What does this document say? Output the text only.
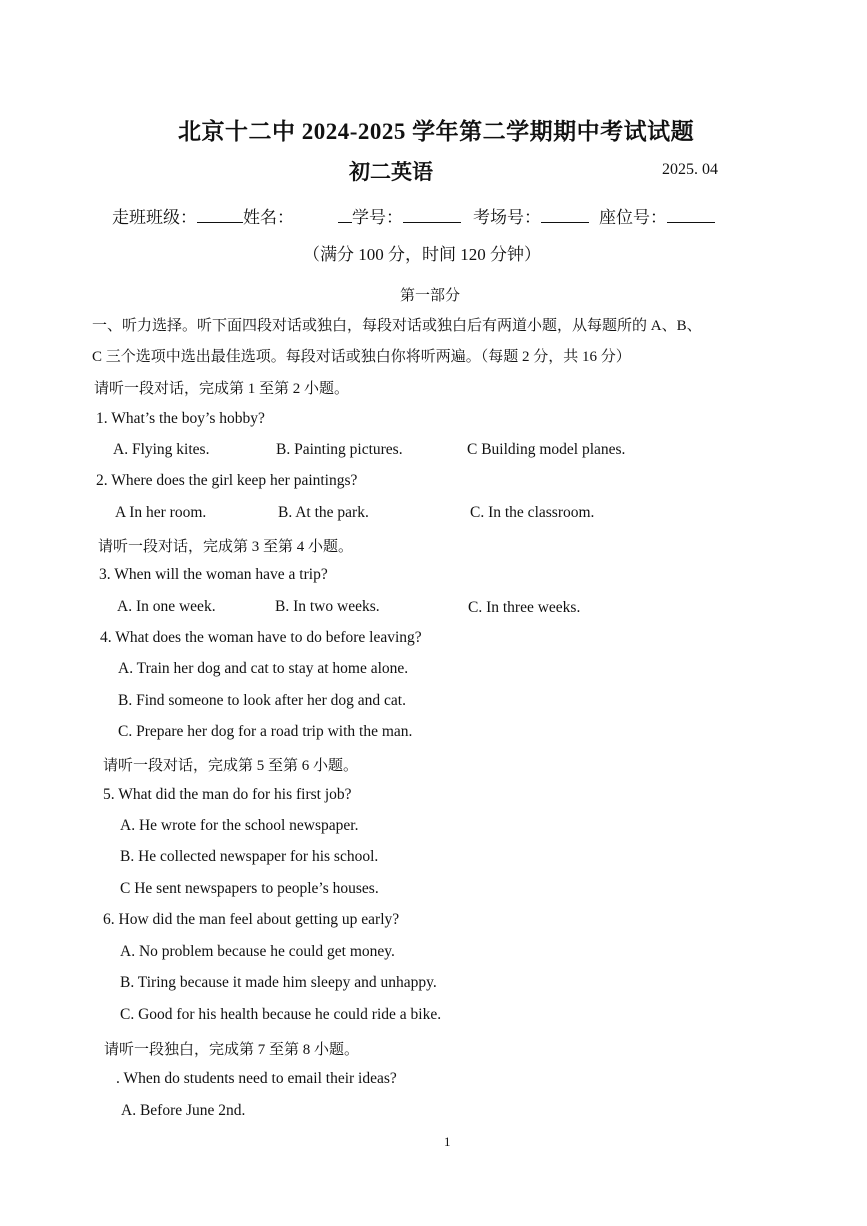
北京十二中 2024-2025 学年第二学期期中考试试题
初二英语	2025. 04
走班班级：	姓名：	学号：	考场号：	座位号：
（满分 100 分，时间 120 分钟）
第一部分
一、听力选择。听下面四段对话或独白，每段对话或独白后有两道小题，从每题所的 A、B、
C 三个选项中选出最佳选项。每段对话或独白你将听两遍。（每题 2 分，共 16 分）
请听一段对话，完成第 1 至第 2 小题。
1. What’s the boy’s hobby?
A. Flying kites.	B. Painting pictures.	C Building model planes.
2. Where does the girl keep her paintings?
A In her room.	B. At the park.	C. In the classroom.
请听一段对话，完成第 3 至第 4 小题。
3. When will the woman have a trip?
A. In one week.	B. In two weeks.	C. In three weeks.
4. What does the woman have to do before leaving?
A. Train her dog and cat to stay at home alone.
B. Find someone to look after her dog and cat.
C. Prepare her dog for a road trip with the man.
请听一段对话，完成第 5 至第 6 小题。
5. What did the man do for his first job?
A. He wrote for the school newspaper.
B. He collected newspaper for his school.
C He sent newspapers to people’s houses.
6. How did the man feel about getting up early?
A. No problem because he could get money.
B. Tiring because it made him sleepy and unhappy.
C. Good for his health because he could ride a bike.
请听一段独白，完成第 7 至第 8 小题。
. When do students need to email their ideas?
A. Before June 2nd.
1
